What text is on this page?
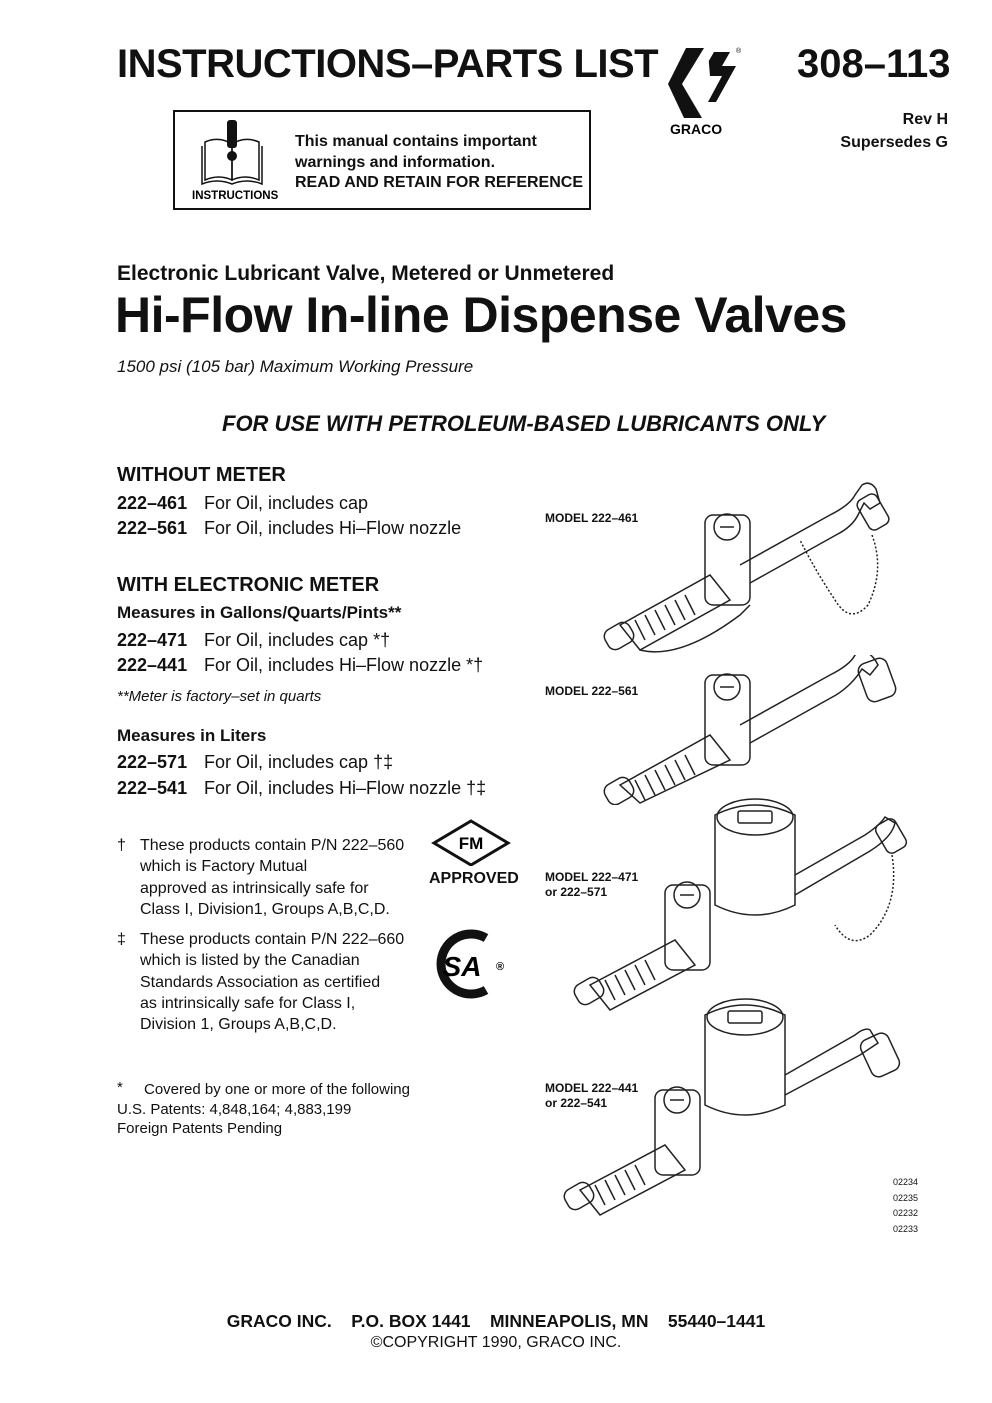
INSTRUCTIONS–PARTS LIST	®
GRACO
308–113
Rev H
Supersedes G
INSTRUCTIONS
This manual contains important
warnings and information.
READ AND RETAIN FOR REFERENCE
Electronic Lubricant Valve, Metered or Unmetered
Hi-Flow In-line Dispense Valves
1500 psi (105 bar) Maximum Working Pressure
FOR USE WITH PETROLEUM-BASED LUBRICANTS ONLY
WITHOUT METER
222–461 For Oil, includes cap
222–561 For Oil, includes Hi–Flow nozzle
WITH ELECTRONIC METER
Measures in Gallons/Quarts/Pints**
222–471 For Oil, includes cap *†
222–441 For Oil, includes Hi–Flow nozzle *†
**Meter is factory–set in quarts
Measures in Liters
222–571 For Oil, includes cap †‡
222–541 For Oil, includes Hi–Flow nozzle †‡
† These products contain P/N 222–560
which is Factory Mutual
approved as intrinsically safe for
Class I, Division1, Groups A,B,C,D.
FM
APPROVED
‡ These products contain P/N 222–660
which is listed by the Canadian
Standards Association as certified
as intrinsically safe for Class I,
Division 1, Groups A,B,C,D.
SA ®
* Covered by one or more of the following
U.S. Patents: 4,848,164; 4,883,199
Foreign Patents Pending
MODEL 222–461
MODEL 222–561
MODEL 222–471
or 222–571
MODEL 222–441
or 222–541
02234
02235
02232
02233
GRACO INC.    P.O. BOX 1441    MINNEAPOLIS, MN    55440–1441
©COPYRIGHT 1990, GRACO INC.
